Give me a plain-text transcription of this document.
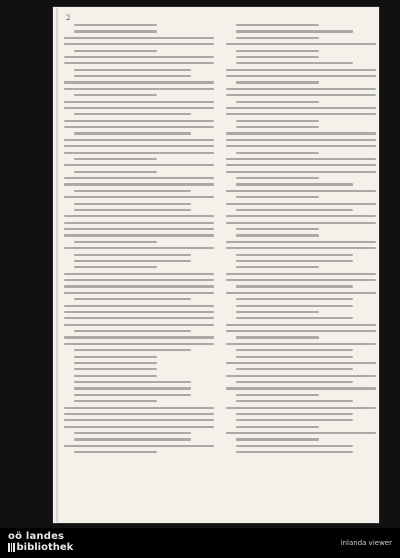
2
oö landes
bibliothek	inlanda viewer
